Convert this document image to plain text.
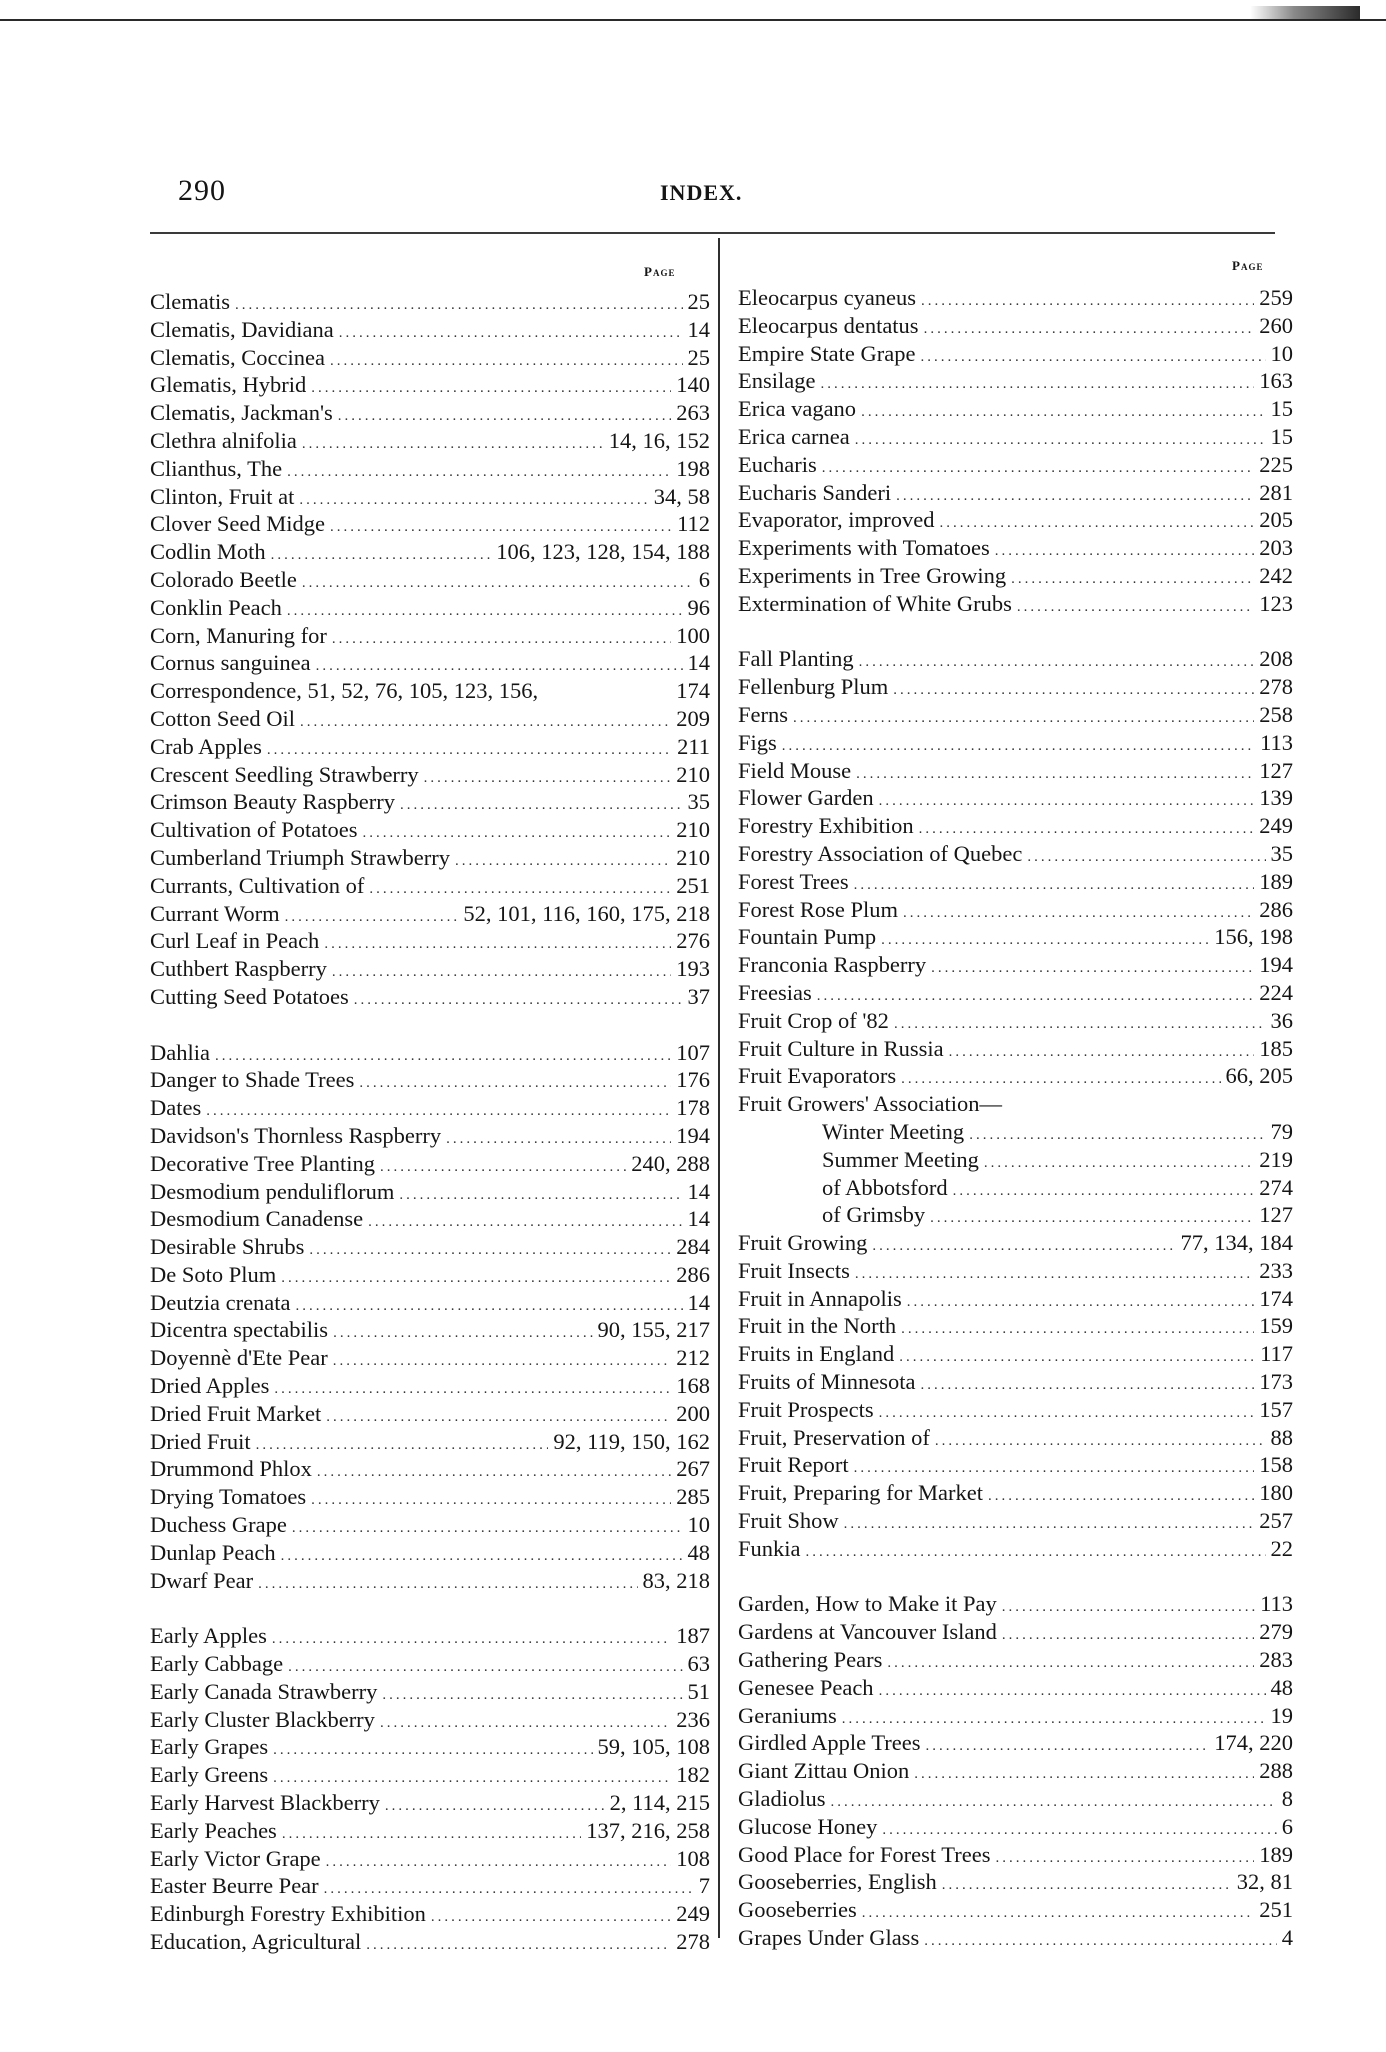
290	INDEX.
Page	Page
Clematis .....	25
Clematis, Davidiana .....	14
Clematis, Coccinea .....	25
Glematis, Hybrid .....	140
Clematis, Jackman's .....	263
Clethra alnifolia .....	14, 16, 152
Clianthus, The .....	198
Clinton, Fruit at .....	34, 58
Clover Seed Midge .....	112
Codlin Moth .....	106, 123, 128, 154, 188
Colorado Beetle .....	6
Conklin Peach .....	96
Corn, Manuring for .....	100
Cornus sanguinea .....	14
Correspondence, 51, 52, 76, 105, 123, 156,	174
Cotton Seed Oil .....	209
Crab Apples .....	211
Crescent Seedling Strawberry .....	210
Crimson Beauty Raspberry .....	35
Cultivation of Potatoes .....	210
Cumberland Triumph Strawberry .....	210
Currants, Cultivation of .....	251
Currant Worm .....	52, 101, 116, 160, 175, 218
Curl Leaf in Peach .....	276
Cuthbert Raspberry .....	193
Cutting Seed Potatoes .....	37
Dahlia .....	107
Danger to Shade Trees .....	176
Dates .....	178
Davidson's Thornless Raspberry .....	194
Decorative Tree Planting .....	240, 288
Desmodium penduliflorum .....	14
Desmodium Canadense .....	14
Desirable Shrubs .....	284
De Soto Plum .....	286
Deutzia crenata .....	14
Dicentra spectabilis .....	90, 155, 217
Doyennè d'Ete Pear .....	212
Dried Apples .....	168
Dried Fruit Market .....	200
Dried Fruit .....	92, 119, 150, 162
Drummond Phlox .....	267
Drying Tomatoes .....	285
Duchess Grape .....	10
Dunlap Peach .....	48
Dwarf Pear .....	83, 218
Early Apples .....	187
Early Cabbage .....	63
Early Canada Strawberry .....	51
Early Cluster Blackberry .....	236
Early Grapes .....	59, 105, 108
Early Greens .....	182
Early Harvest Blackberry .....	2, 114, 215
Early Peaches .....	137, 216, 258
Early Victor Grape .....	108
Easter Beurre Pear .....	7
Edinburgh Forestry Exhibition .....	249
Education, Agricultural .....	278
Eleocarpus cyaneus .....	259
Eleocarpus dentatus .....	260
Empire State Grape .....	10
Ensilage .....	163
Erica vagano .....	15
Erica carnea .....	15
Eucharis .....	225
Eucharis Sanderi .....	281
Evaporator, improved .....	205
Experiments with Tomatoes .....	203
Experiments in Tree Growing .....	242
Extermination of White Grubs .....	123
Fall Planting .....	208
Fellenburg Plum .....	278
Ferns .....	258
Figs .....	113
Field Mouse .....	127
Flower Garden .....	139
Forestry Exhibition .....	249
Forestry Association of Quebec .....	35
Forest Trees .....	189
Forest Rose Plum .....	286
Fountain Pump .....	156, 198
Franconia Raspberry .....	194
Freesias .....	224
Fruit Crop of '82 .....	36
Fruit Culture in Russia .....	185
Fruit Evaporators .....	66, 205
Fruit Growers' Association—
Winter Meeting .....	79
Summer Meeting .....	219
of Abbotsford .....	274
of Grimsby .....	127
Fruit Growing .....	77, 134, 184
Fruit Insects .....	233
Fruit in Annapolis .....	174
Fruit in the North .....	159
Fruits in England .....	117
Fruits of Minnesota .....	173
Fruit Prospects .....	157
Fruit, Preservation of .....	88
Fruit Report .....	158
Fruit, Preparing for Market .....	180
Fruit Show .....	257
Funkia .....	22
Garden, How to Make it Pay .....	113
Gardens at Vancouver Island .....	279
Gathering Pears .....	283
Genesee Peach .....	48
Geraniums .....	19
Girdled Apple Trees .....	174, 220
Giant Zittau Onion .....	288
Gladiolus .....	8
Glucose Honey .....	6
Good Place for Forest Trees .....	189
Gooseberries, English .....	32, 81
Gooseberries .....	251
Grapes Under Glass .....	4
